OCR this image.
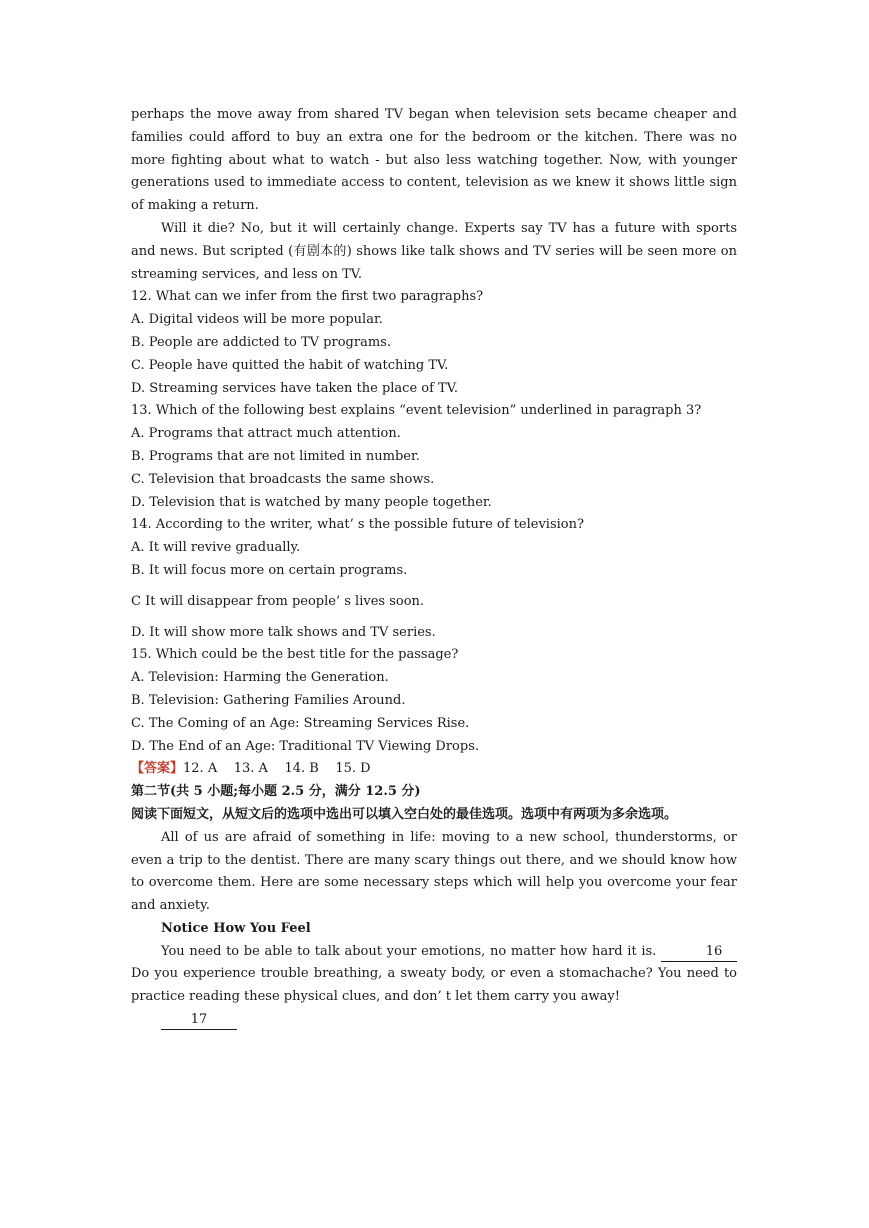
perhaps the move away from shared TV began when television sets became cheaper and families could afford to buy an extra one for the bedroom or the kitchen. There was no more fighting about what to watch - but also less watching together. Now, with younger generations used to immediate access to content, television as we knew it shows little sign of making a return.

Will it die? No, but it will certainly change. Experts say TV has a future with sports and news. But scripted (有剧本的) shows like talk shows and TV series will be seen more on streaming services, and less on TV.

12. What can we infer from the first two paragraphs?

A. Digital videos will be more popular.

B. People are addicted to TV programs.

C. People have quitted the habit of watching TV.

D. Streaming services have taken the place of TV.

13. Which of the following best explains “event television” underlined in paragraph 3?

A. Programs that attract much attention.

B. Programs that are not limited in number.

C. Television that broadcasts the same shows.

D. Television that is watched by many people together.

14. According to the writer, what’ s the possible future of television?

A. It will revive gradually.

B. It will focus more on certain programs.

C It will disappear from people’ s lives soon.

D. It will show more talk shows and TV series.

15. Which could be the best title for the passage?

A. Television: Harming the Generation.

B. Television: Gathering Families Around.

C. The Coming of an Age: Streaming Services Rise.

D. The End of an Age: Traditional TV Viewing Drops.

【答案】12. A    13. A    14. B    15. D

第二节(共 5 小题;每小题 2.5 分，满分 12.5 分)

阅读下面短文，从短文后的选项中选出可以填入空白处的最佳选项。选项中有两项为多余选项。

All of us are afraid of something in life: moving to a new school, thunderstorms, or even a trip to the dentist. There are many scary things out there, and we should know how to overcome them. Here are some necessary steps which will help you overcome your fear and anxiety.

Notice How You Feel

You need to be able to talk about your emotions, no matter how hard it is.	16Do you experience trouble breathing, a sweaty body, or even a stomachache? You need to practice reading these physical clues, and don’ t let them carry you away!

17
